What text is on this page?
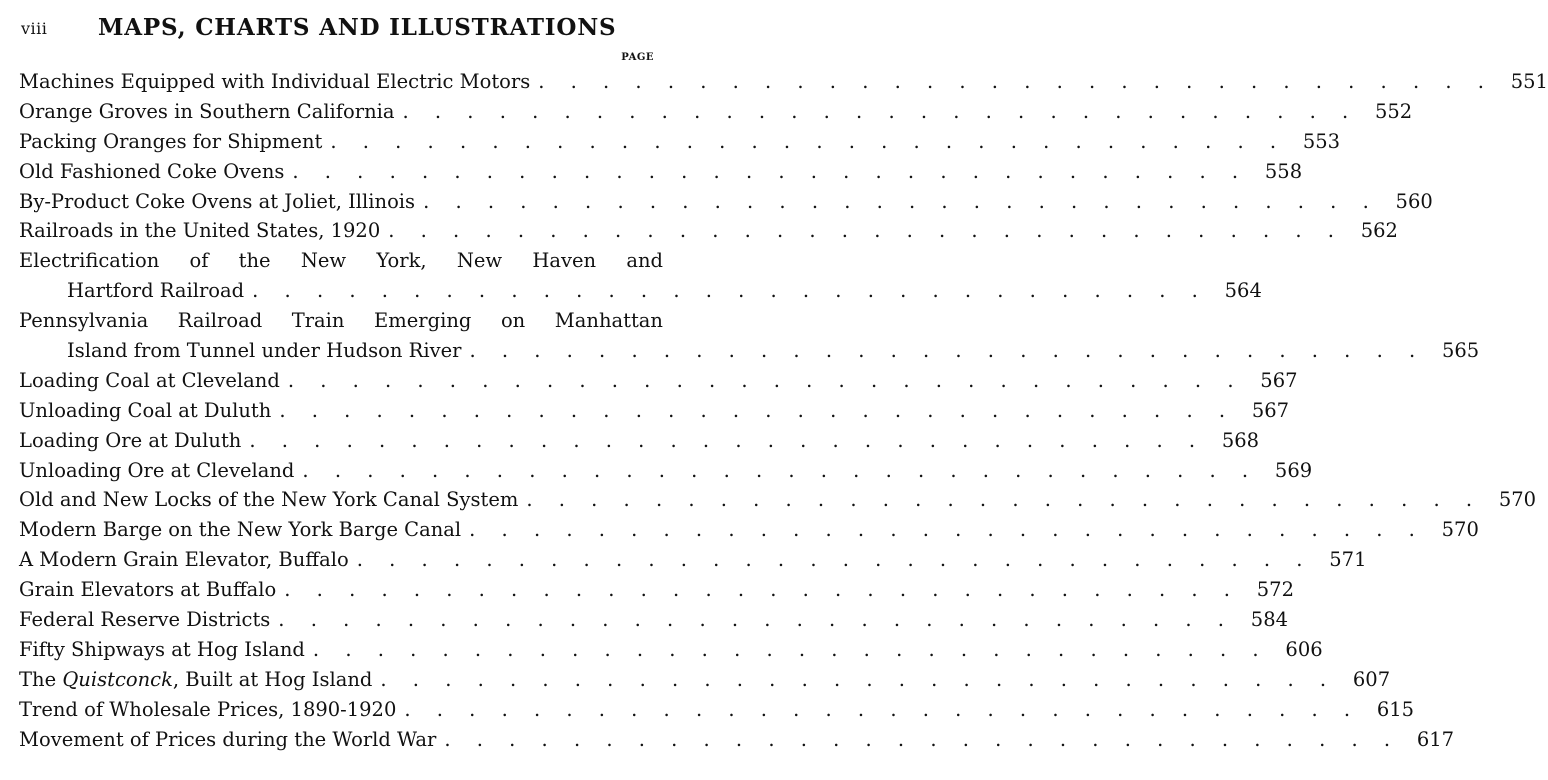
viii MAPS, CHARTS AND ILLUSTRATIONS
PAGE
Machines Equipped with Individual Electric Motors . . . . . . . . . . . . . . . . . . . . . . . . . . . . . . 551
Orange Groves in Southern California . . . . . . . . . . . . . . . . . . . . . . . . . . . . . . 552
Packing Oranges for Shipment . . . . . . . . . . . . . . . . . . . . . . . . . . . . . . 553
Old Fashioned Coke Ovens . . . . . . . . . . . . . . . . . . . . . . . . . . . . . . 558
By-Product Coke Ovens at Joliet, Illinois . . . . . . . . . . . . . . . . . . . . . . . . . . . . . . 560
Railroads in the United States, 1920 . . . . . . . . . . . . . . . . . . . . . . . . . . . . . . 562
Electrification of the New York, New Haven and
Hartford Railroad . . . . . . . . . . . . . . . . . . . . . . . . . . . . . . 564
Pennsylvania Railroad Train Emerging on Manhattan
Island from Tunnel under Hudson River . . . . . . . . . . . . . . . . . . . . . . . . . . . . . . 565
Loading Coal at Cleveland . . . . . . . . . . . . . . . . . . . . . . . . . . . . . . 567
Unloading Coal at Duluth . . . . . . . . . . . . . . . . . . . . . . . . . . . . . . 567
Loading Ore at Duluth . . . . . . . . . . . . . . . . . . . . . . . . . . . . . . 568
Unloading Ore at Cleveland . . . . . . . . . . . . . . . . . . . . . . . . . . . . . . 569
Old and New Locks of the New York Canal System . . . . . . . . . . . . . . . . . . . . . . . . . . . . . . 570
Modern Barge on the New York Barge Canal . . . . . . . . . . . . . . . . . . . . . . . . . . . . . . 570
A Modern Grain Elevator, Buffalo . . . . . . . . . . . . . . . . . . . . . . . . . . . . . . 571
Grain Elevators at Buffalo . . . . . . . . . . . . . . . . . . . . . . . . . . . . . . 572
Federal Reserve Districts . . . . . . . . . . . . . . . . . . . . . . . . . . . . . . 584
Fifty Shipways at Hog Island . . . . . . . . . . . . . . . . . . . . . . . . . . . . . . 606
The Quistconck, Built at Hog Island . . . . . . . . . . . . . . . . . . . . . . . . . . . . . . 607
Trend of Wholesale Prices, 1890-1920 . . . . . . . . . . . . . . . . . . . . . . . . . . . . . . 615
Movement of Prices during the World War . . . . . . . . . . . . . . . . . . . . . . . . . . . . . . 617
